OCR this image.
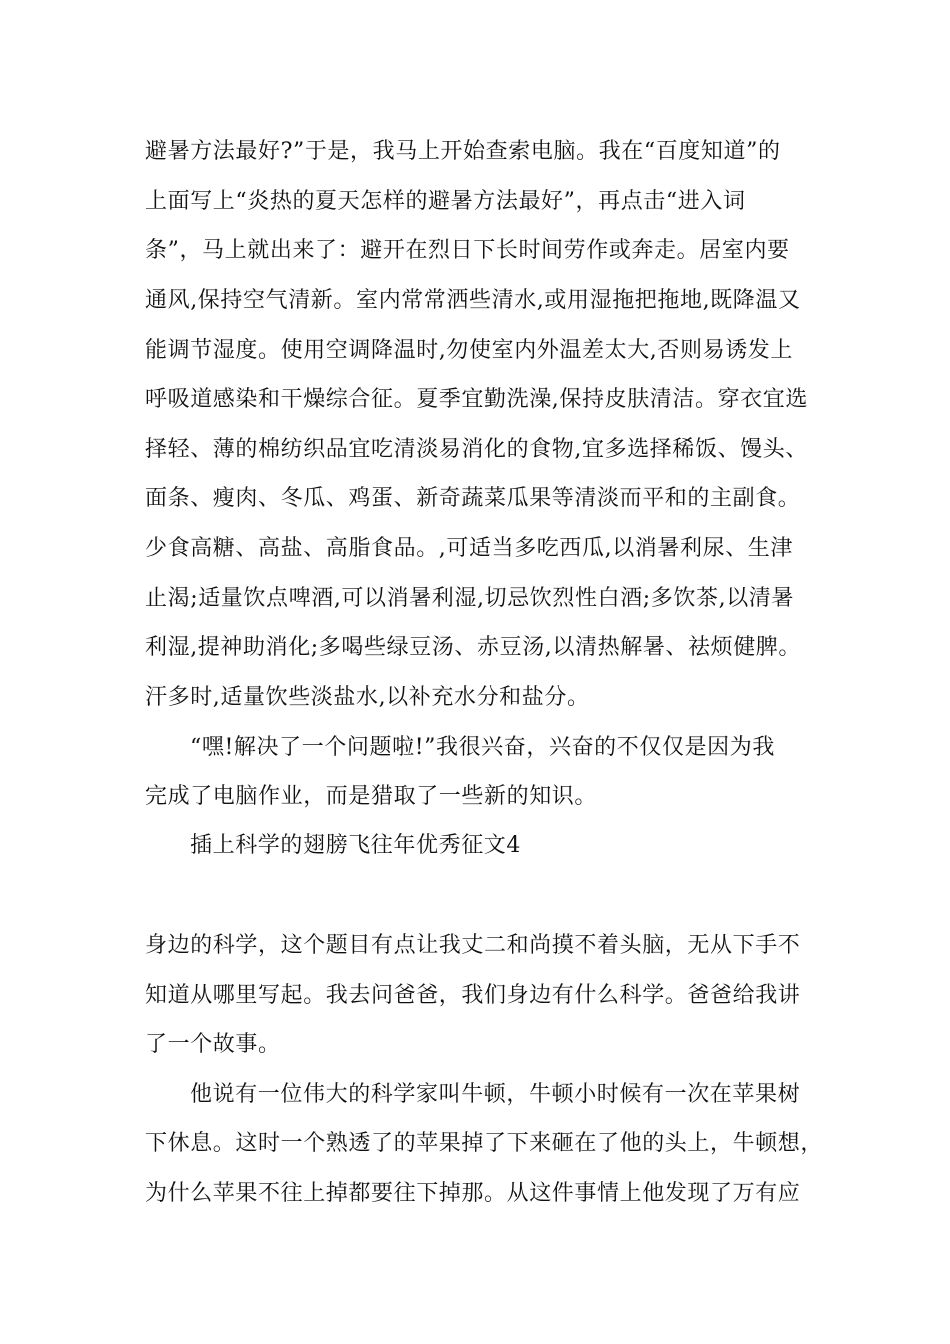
避暑方法最好?”于是，我马上开始查索电脑。我在“百度知道”的
上面写上“炎热的夏天怎样的避暑方法最好”，再点击“进入词
条”，马上就出来了：避开在烈日下长时间劳作或奔走。居室内要
通风,保持空气清新。室内常常洒些清水,或用湿拖把拖地,既降温又
能调节湿度。使用空调降温时,勿使室内外温差太大,否则易诱发上
呼吸道感染和干燥综合征。夏季宜勤洗澡,保持皮肤清洁。穿衣宜选
择轻、薄的棉纺织品宜吃清淡易消化的食物,宜多选择稀饭、馒头、
面条、瘦肉、冬瓜、鸡蛋、新奇蔬菜瓜果等清淡而平和的主副食。
少食高糖、高盐、高脂食品。,可适当多吃西瓜,以消暑利尿、生津
止渴;适量饮点啤酒,可以消暑利湿,切忌饮烈性白酒;多饮茶,以清暑
利湿,提神助消化;多喝些绿豆汤、赤豆汤,以清热解暑、祛烦健脾。
汗多时,适量饮些淡盐水,以补充水分和盐分。
“嘿!解决了一个问题啦!”我很兴奋，兴奋的不仅仅是因为我
完成了电脑作业，而是猎取了一些新的知识。
插上科学的翅膀飞往年优秀征文4
身边的科学，这个题目有点让我丈二和尚摸不着头脑，无从下手不
知道从哪里写起。我去问爸爸，我们身边有什么科学。爸爸给我讲
了一个故事。
他说有一位伟大的科学家叫牛顿，牛顿小时候有一次在苹果树
下休息。这时一个熟透了的苹果掉了下来砸在了他的头上，牛顿想，
为什么苹果不往上掉都要往下掉那。从这件事情上他发现了万有应
